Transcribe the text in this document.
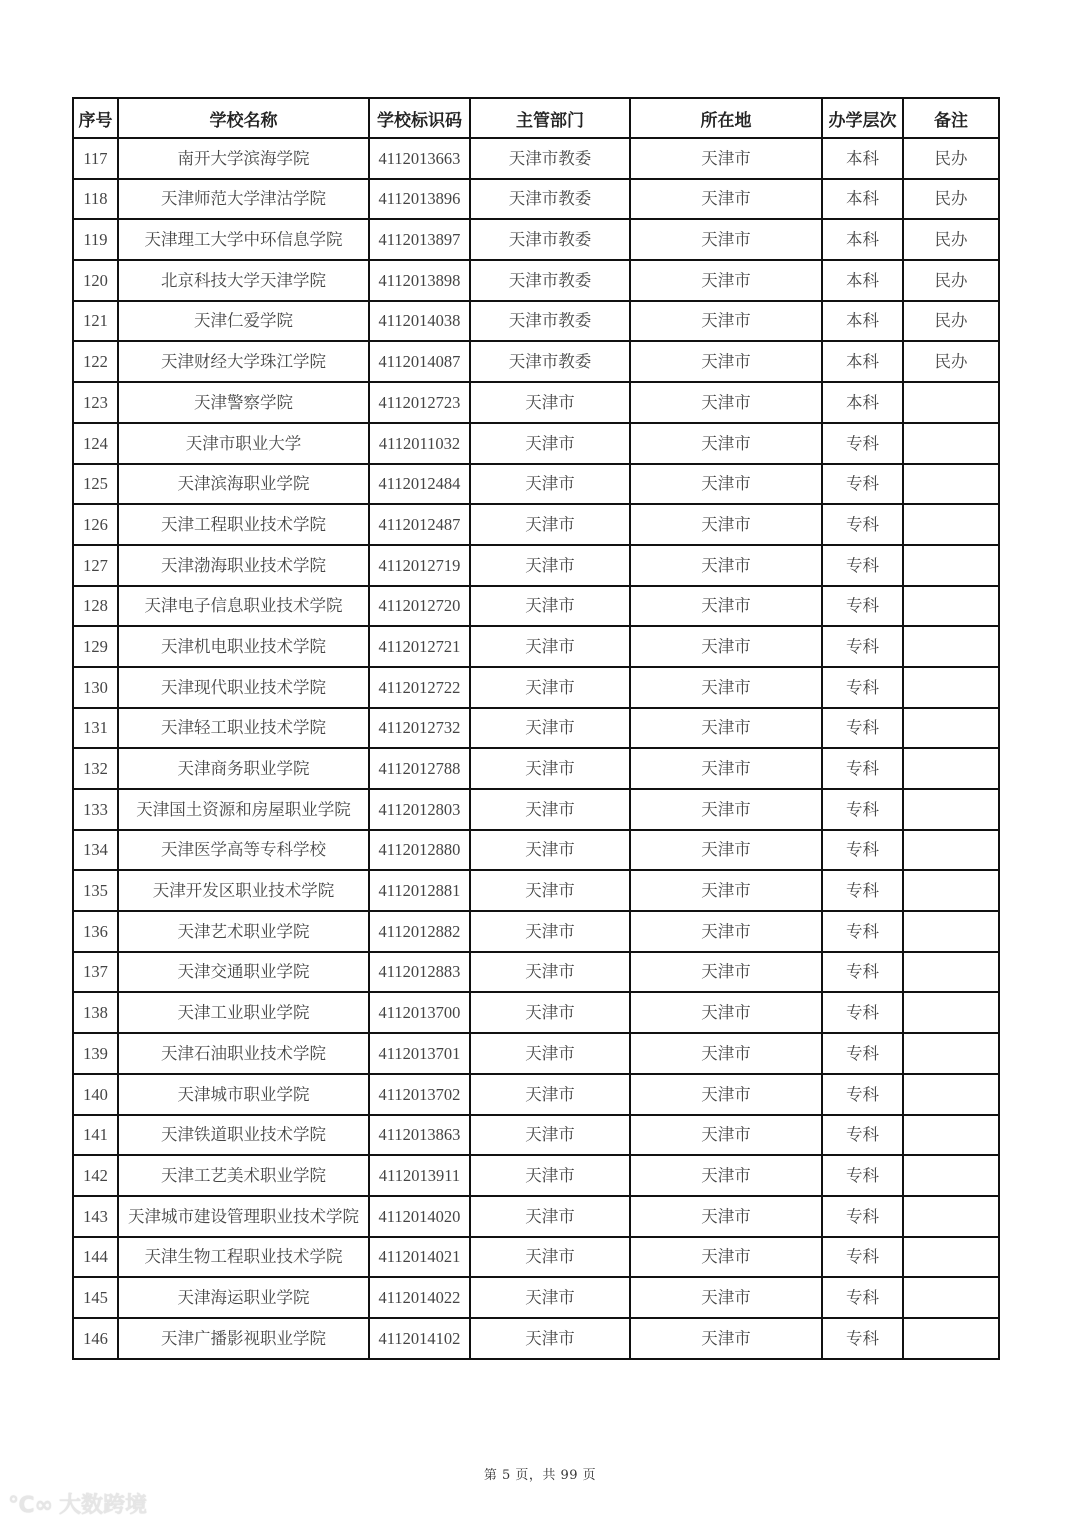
序号	学校名称	学校标识码	主管部门	所在地	办学层次	备注
117	南开大学滨海学院	4112013663	天津市教委	天津市	本科	民办
118	天津师范大学津沽学院	4112013896	天津市教委	天津市	本科	民办
119	天津理工大学中环信息学院	4112013897	天津市教委	天津市	本科	民办
120	北京科技大学天津学院	4112013898	天津市教委	天津市	本科	民办
121	天津仁爱学院	4112014038	天津市教委	天津市	本科	民办
122	天津财经大学珠江学院	4112014087	天津市教委	天津市	本科	民办
123	天津警察学院	4112012723	天津市	天津市	本科	
124	天津市职业大学	4112011032	天津市	天津市	专科	
125	天津滨海职业学院	4112012484	天津市	天津市	专科	
126	天津工程职业技术学院	4112012487	天津市	天津市	专科	
127	天津渤海职业技术学院	4112012719	天津市	天津市	专科	
128	天津电子信息职业技术学院	4112012720	天津市	天津市	专科	
129	天津机电职业技术学院	4112012721	天津市	天津市	专科	
130	天津现代职业技术学院	4112012722	天津市	天津市	专科	
131	天津轻工职业技术学院	4112012732	天津市	天津市	专科	
132	天津商务职业学院	4112012788	天津市	天津市	专科	
133	天津国土资源和房屋职业学院	4112012803	天津市	天津市	专科	
134	天津医学高等专科学校	4112012880	天津市	天津市	专科	
135	天津开发区职业技术学院	4112012881	天津市	天津市	专科	
136	天津艺术职业学院	4112012882	天津市	天津市	专科	
137	天津交通职业学院	4112012883	天津市	天津市	专科	
138	天津工业职业学院	4112013700	天津市	天津市	专科	
139	天津石油职业技术学院	4112013701	天津市	天津市	专科	
140	天津城市职业学院	4112013702	天津市	天津市	专科	
141	天津铁道职业技术学院	4112013863	天津市	天津市	专科	
142	天津工艺美术职业学院	4112013911	天津市	天津市	专科	
143	天津城市建设管理职业技术学院	4112014020	天津市	天津市	专科	
144	天津生物工程职业技术学院	4112014021	天津市	天津市	专科	
145	天津海运职业学院	4112014022	天津市	天津市	专科	
146	天津广播影视职业学院	4112014102	天津市	天津市	专科	
第 5 页，共 99 页
℃∞ 大数跨境
